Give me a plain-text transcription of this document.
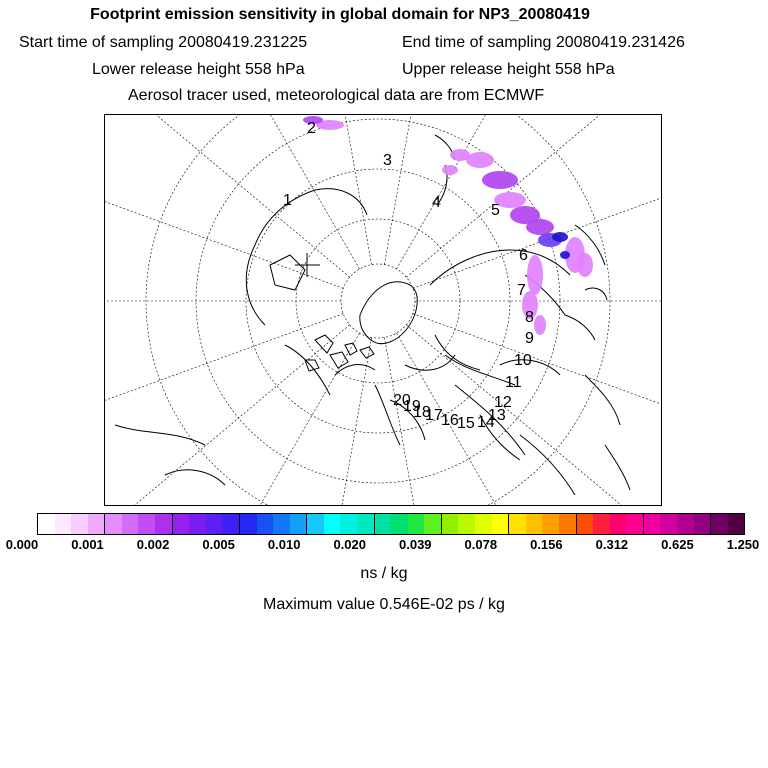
Footprint emission sensitivity in global domain for NP3_20080419
Start time of sampling 20080419.231225	End time of sampling 20080419.231426
Lower release height 558 hPa	Upper release height 558 hPa
Aerosol tracer used, meteorological data are from ECMWF
1
2
3
4	5
6
7
8
9
10
11
12
13
14
15
16
17
18
19
20
0.000	0.001	0.002	0.005	0.010	0.020	0.039	0.078	0.156	0.312	0.625	1.250
ns / kg
Maximum value 0.546E-02 ps / kg
